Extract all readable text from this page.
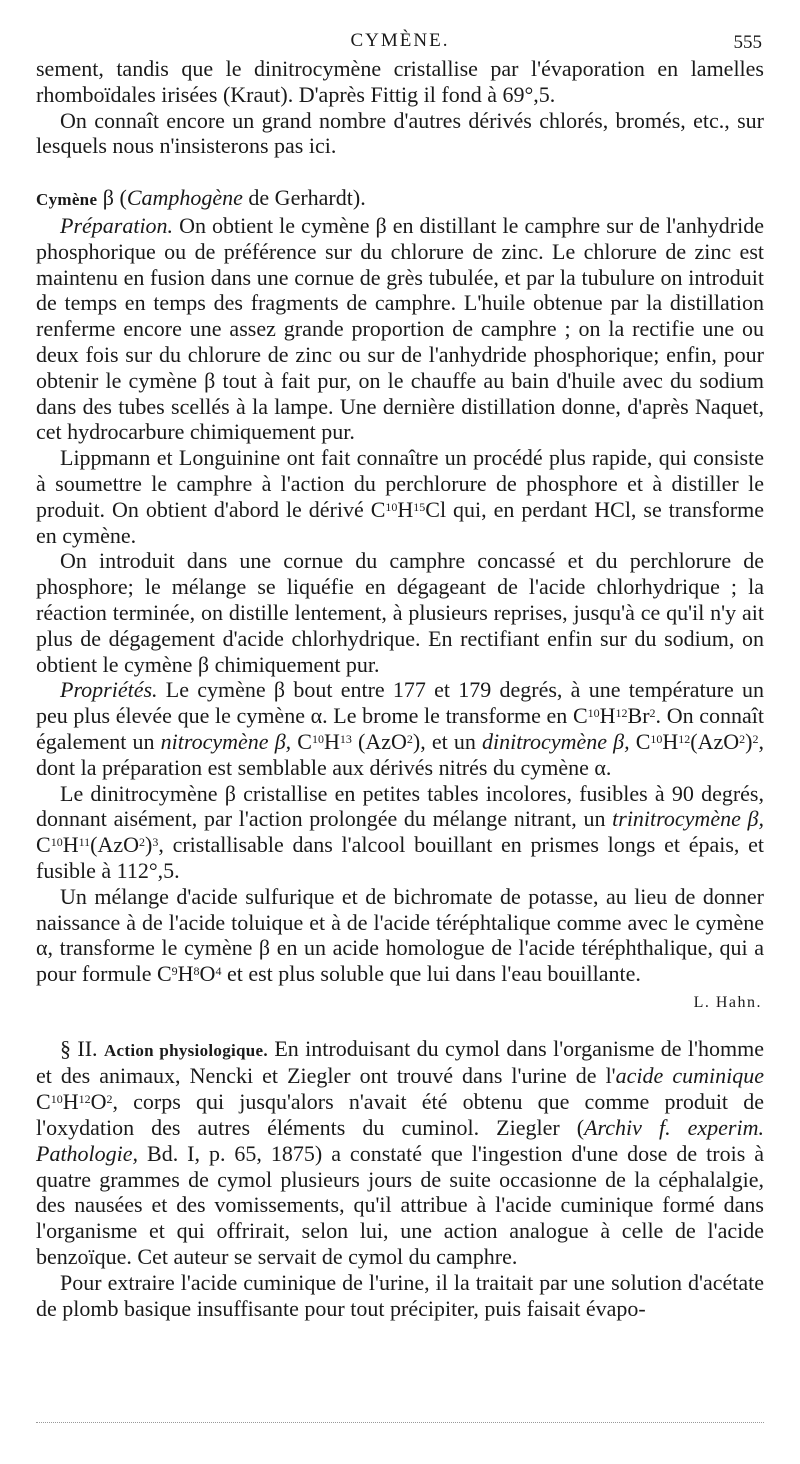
CYMÈNE.	555

sement, tandis que le dinitrocymène cristallise par l'évaporation en lamelles rhomboïdales irisées (Kraut). D'après Fittig il fond à 69°,5.

On connaît encore un grand nombre d'autres dérivés chlorés, bromés, etc., sur lesquels nous n'insisterons pas ici.

Cymène β (Camphogène de Gerhardt).

Préparation. On obtient le cymène β en distillant le camphre sur de l'anhydride phosphorique ou de préférence sur du chlorure de zinc. Le chlorure de zinc est maintenu en fusion dans une cornue de grès tubulée, et par la tubulure on introduit de temps en temps des fragments de camphre. L'huile obtenue par la distillation renferme encore une assez grande proportion de camphre ; on la rectifie une ou deux fois sur du chlorure de zinc ou sur de l'anhydride phosphorique; enfin, pour obtenir le cymène β tout à fait pur, on le chauffe au bain d'huile avec du sodium dans des tubes scellés à la lampe. Une dernière distillation donne, d'après Naquet, cet hydrocarbure chimiquement pur.

Lippmann et Longuinine ont fait connaître un procédé plus rapide, qui consiste à soumettre le camphre à l'action du perchlorure de phosphore et à distiller le produit. On obtient d'abord le dérivé $C^{10}H^{15}Cl$ qui, en perdant HCl, se transforme en cymène.

On introduit dans une cornue du camphre concassé et du perchlorure de phosphore; le mélange se liquéfie en dégageant de l'acide chlorhydrique ; la réaction terminée, on distille lentement, à plusieurs reprises, jusqu'à ce qu'il n'y ait plus de dégagement d'acide chlorhydrique. En rectifiant enfin sur du sodium, on obtient le cymène β chimiquement pur.

Propriétés. Le cymène β bout entre 177 et 179 degrés, à une température un peu plus élevée que le cymène α. Le brome le transforme en $C^{10}H^{12}Br^2$. On connaît également un nitrocymène β, $C^{10}H^{13}$ (AzO$^2$), et un dinitrocymène β, $C^{10}H^{12}(AzO^2)^2$, dont la préparation est semblable aux dérivés nitrés du cymène α.

Le dinitrocymène β cristallise en petites tables incolores, fusibles à 90 degrés, donnant aisément, par l'action prolongée du mélange nitrant, un trinitrocymène β, $C^{10}H^{11}(AzO^2)^3$, cristallisable dans l'alcool bouillant en prismes longs et épais, et fusible à 112°,5.

Un mélange d'acide sulfurique et de bichromate de potasse, au lieu de donner naissance à de l'acide toluique et à de l'acide téréphtalique comme avec le cymène α, transforme le cymène β en un acide homologue de l'acide téréphthalique, qui a pour formule $C^9H^8O^4$ et est plus soluble que lui dans l'eau bouillante.

L. Hahn.

§ II. Action physiologique. En introduisant du cymol dans l'organisme de l'homme et des animaux, Nencki et Ziegler ont trouvé dans l'urine de l'acide cuminique $C^{10}H^{12}O^2$, corps qui jusqu'alors n'avait été obtenu que comme produit de l'oxydation des autres éléments du cuminol. Ziegler (Archiv f. experim. Pathologie, Bd. I, p. 65, 1875) a constaté que l'ingestion d'une dose de trois à quatre grammes de cymol plusieurs jours de suite occasionne de la céphalalgie, des nausées et des vomissements, qu'il attribue à l'acide cuminique formé dans l'organisme et qui offrirait, selon lui, une action analogue à celle de l'acide benzoïque. Cet auteur se servait de cymol du camphre.

Pour extraire l'acide cuminique de l'urine, il la traitait par une solution d'acétate de plomb basique insuffisante pour tout précipiter, puis faisait évapo-
